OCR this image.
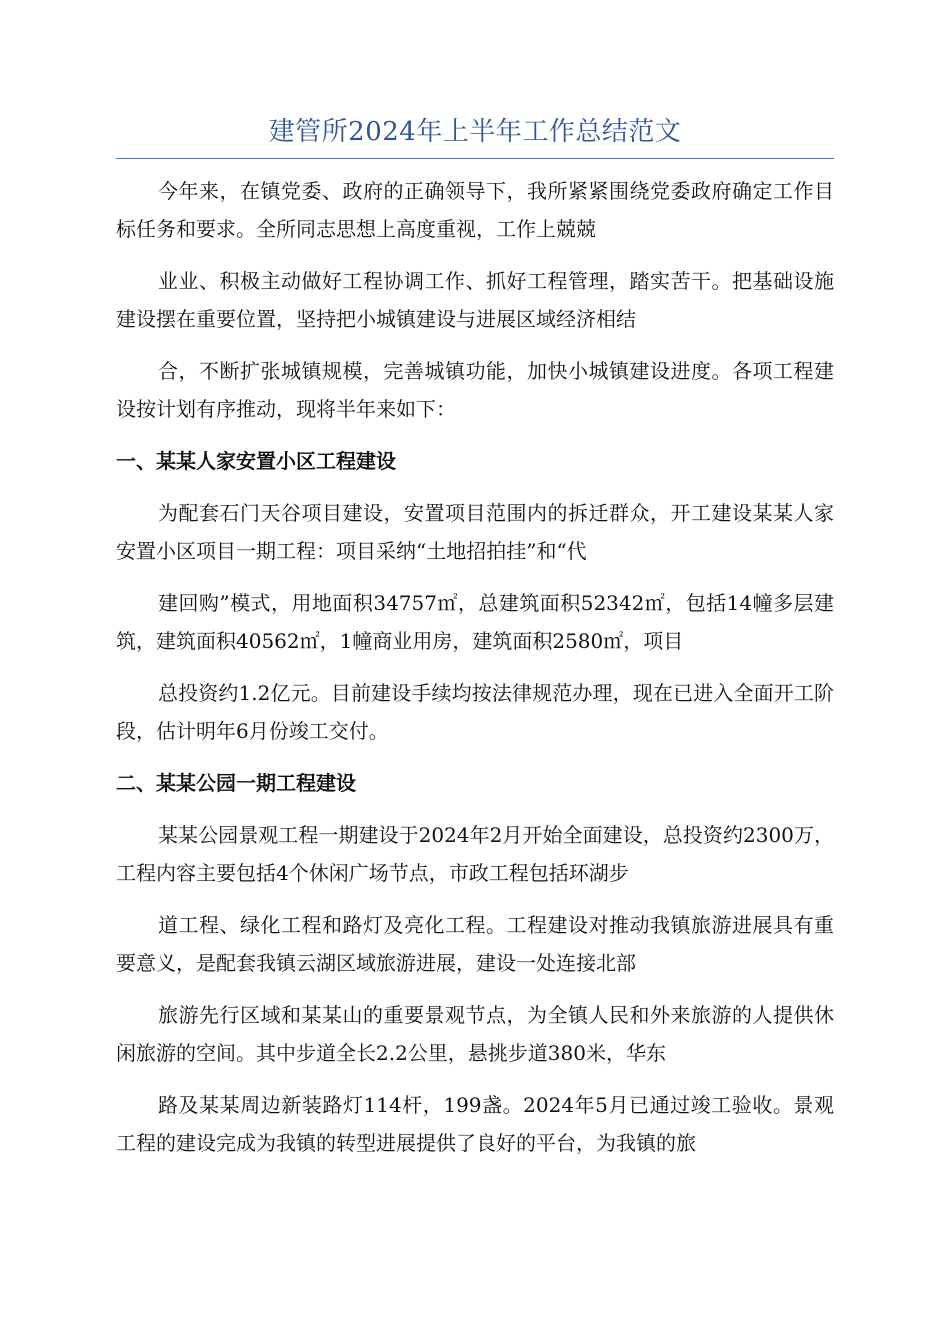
建管所2024年上半年工作总结范文

今年来，在镇党委、政府的正确领导下，我所紧紧围绕党委政府确定工作目标任务和要求。全所同志思想上高度重视，工作上兢兢

业业、积极主动做好工程协调工作、抓好工程管理，踏实苦干。把基础设施建设摆在重要位置，坚持把小城镇建设与进展区域经济相结

合，不断扩张城镇规模，完善城镇功能，加快小城镇建设进度。各项工程建设按计划有序推动，现将半年来如下：

一、某某人家安置小区工程建设

为配套石门天谷项目建设，安置项目范围内的拆迁群众，开工建设某某人家安置小区项目一期工程：项目采纳“土地招拍挂”和“代

建回购”模式，用地面积34757㎡，总建筑面积52342㎡，包括14幢多层建筑，建筑面积40562㎡，1幢商业用房，建筑面积2580㎡，项目

总投资约1.2亿元。目前建设手续均按法律规范办理，现在已进入全面开工阶段，估计明年6月份竣工交付。

二、某某公园一期工程建设

某某公园景观工程一期建设于2024年2月开始全面建设，总投资约2300万，工程内容主要包括4个休闲广场节点，市政工程包括环湖步

道工程、绿化工程和路灯及亮化工程。工程建设对推动我镇旅游进展具有重要意义，是配套我镇云湖区域旅游进展，建设一处连接北部

旅游先行区域和某某山的重要景观节点，为全镇人民和外来旅游的人提供休闲旅游的空间。其中步道全长2.2公里，悬挑步道380米，华东

路及某某周边新装路灯114杆，199盏。2024年5月已通过竣工验收。景观工程的建设完成为我镇的转型进展提供了良好的平台，为我镇的旅
